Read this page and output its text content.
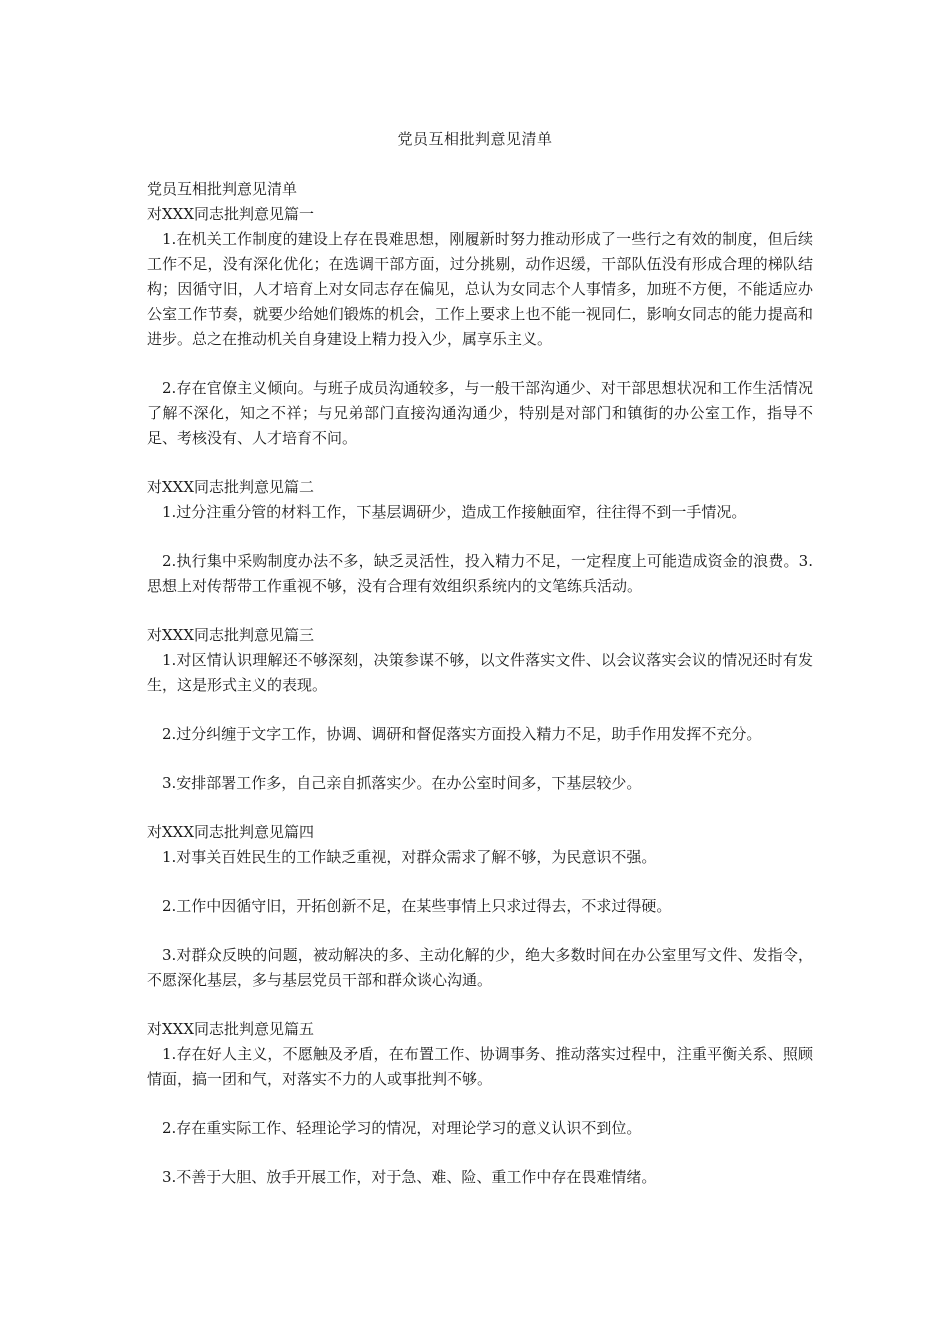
党员互相批判意见清单
党员互相批判意见清单
对XXX同志批判意见篇一

1.在机关工作制度的建设上存在畏难思想，刚履新时努力推动形成了一些行之有效的制度，但后续工作不足，没有深化优化；在选调干部方面，过分挑剔，动作迟缓，干部队伍没有形成合理的梯队结构；因循守旧，人才培育上对女同志存在偏见，总认为女同志个人事情多，加班不方便，不能适应办公室工作节奏，就要少给她们锻炼的机会，工作上要求上也不能一视同仁，影响女同志的能力提高和进步。总之在推动机关自身建设上精力投入少，属享乐主义。

2.存在官僚主义倾向。与班子成员沟通较多，与一般干部沟通少、对干部思想状况和工作生活情况了解不深化，知之不祥；与兄弟部门直接沟通沟通少，特别是对部门和镇街的办公室工作，指导不足、考核没有、人才培育不问。

对XXX同志批判意见篇二

1.过分注重分管的材料工作，下基层调研少，造成工作接触面窄，往往得不到一手情况。

2.执行集中采购制度办法不多，缺乏灵活性，投入精力不足，一定程度上可能造成资金的浪费。3.思想上对传帮带工作重视不够，没有合理有效组织系统内的文笔练兵活动。

对XXX同志批判意见篇三

1.对区情认识理解还不够深刻，决策参谋不够，以文件落实文件、以会议落实会议的情况还时有发生，这是形式主义的表现。

2.过分纠缠于文字工作，协调、调研和督促落实方面投入精力不足，助手作用发挥不充分。

3.安排部署工作多，自己亲自抓落实少。在办公室时间多，下基层较少。

对XXX同志批判意见篇四

1.对事关百姓民生的工作缺乏重视，对群众需求了解不够，为民意识不强。

2.工作中因循守旧，开拓创新不足，在某些事情上只求过得去，不求过得硬。

3.对群众反映的问题，被动解决的多、主动化解的少，绝大多数时间在办公室里写文件、发指令，不愿深化基层，多与基层党员干部和群众谈心沟通。

对XXX同志批判意见篇五

1.存在好人主义，不愿触及矛盾，在布置工作、协调事务、推动落实过程中，注重平衡关系、照顾情面，搞一团和气，对落实不力的人或事批判不够。

2.存在重实际工作、轻理论学习的情况，对理论学习的意义认识不到位。

3.不善于大胆、放手开展工作，对于急、难、险、重工作中存在畏难情绪。
